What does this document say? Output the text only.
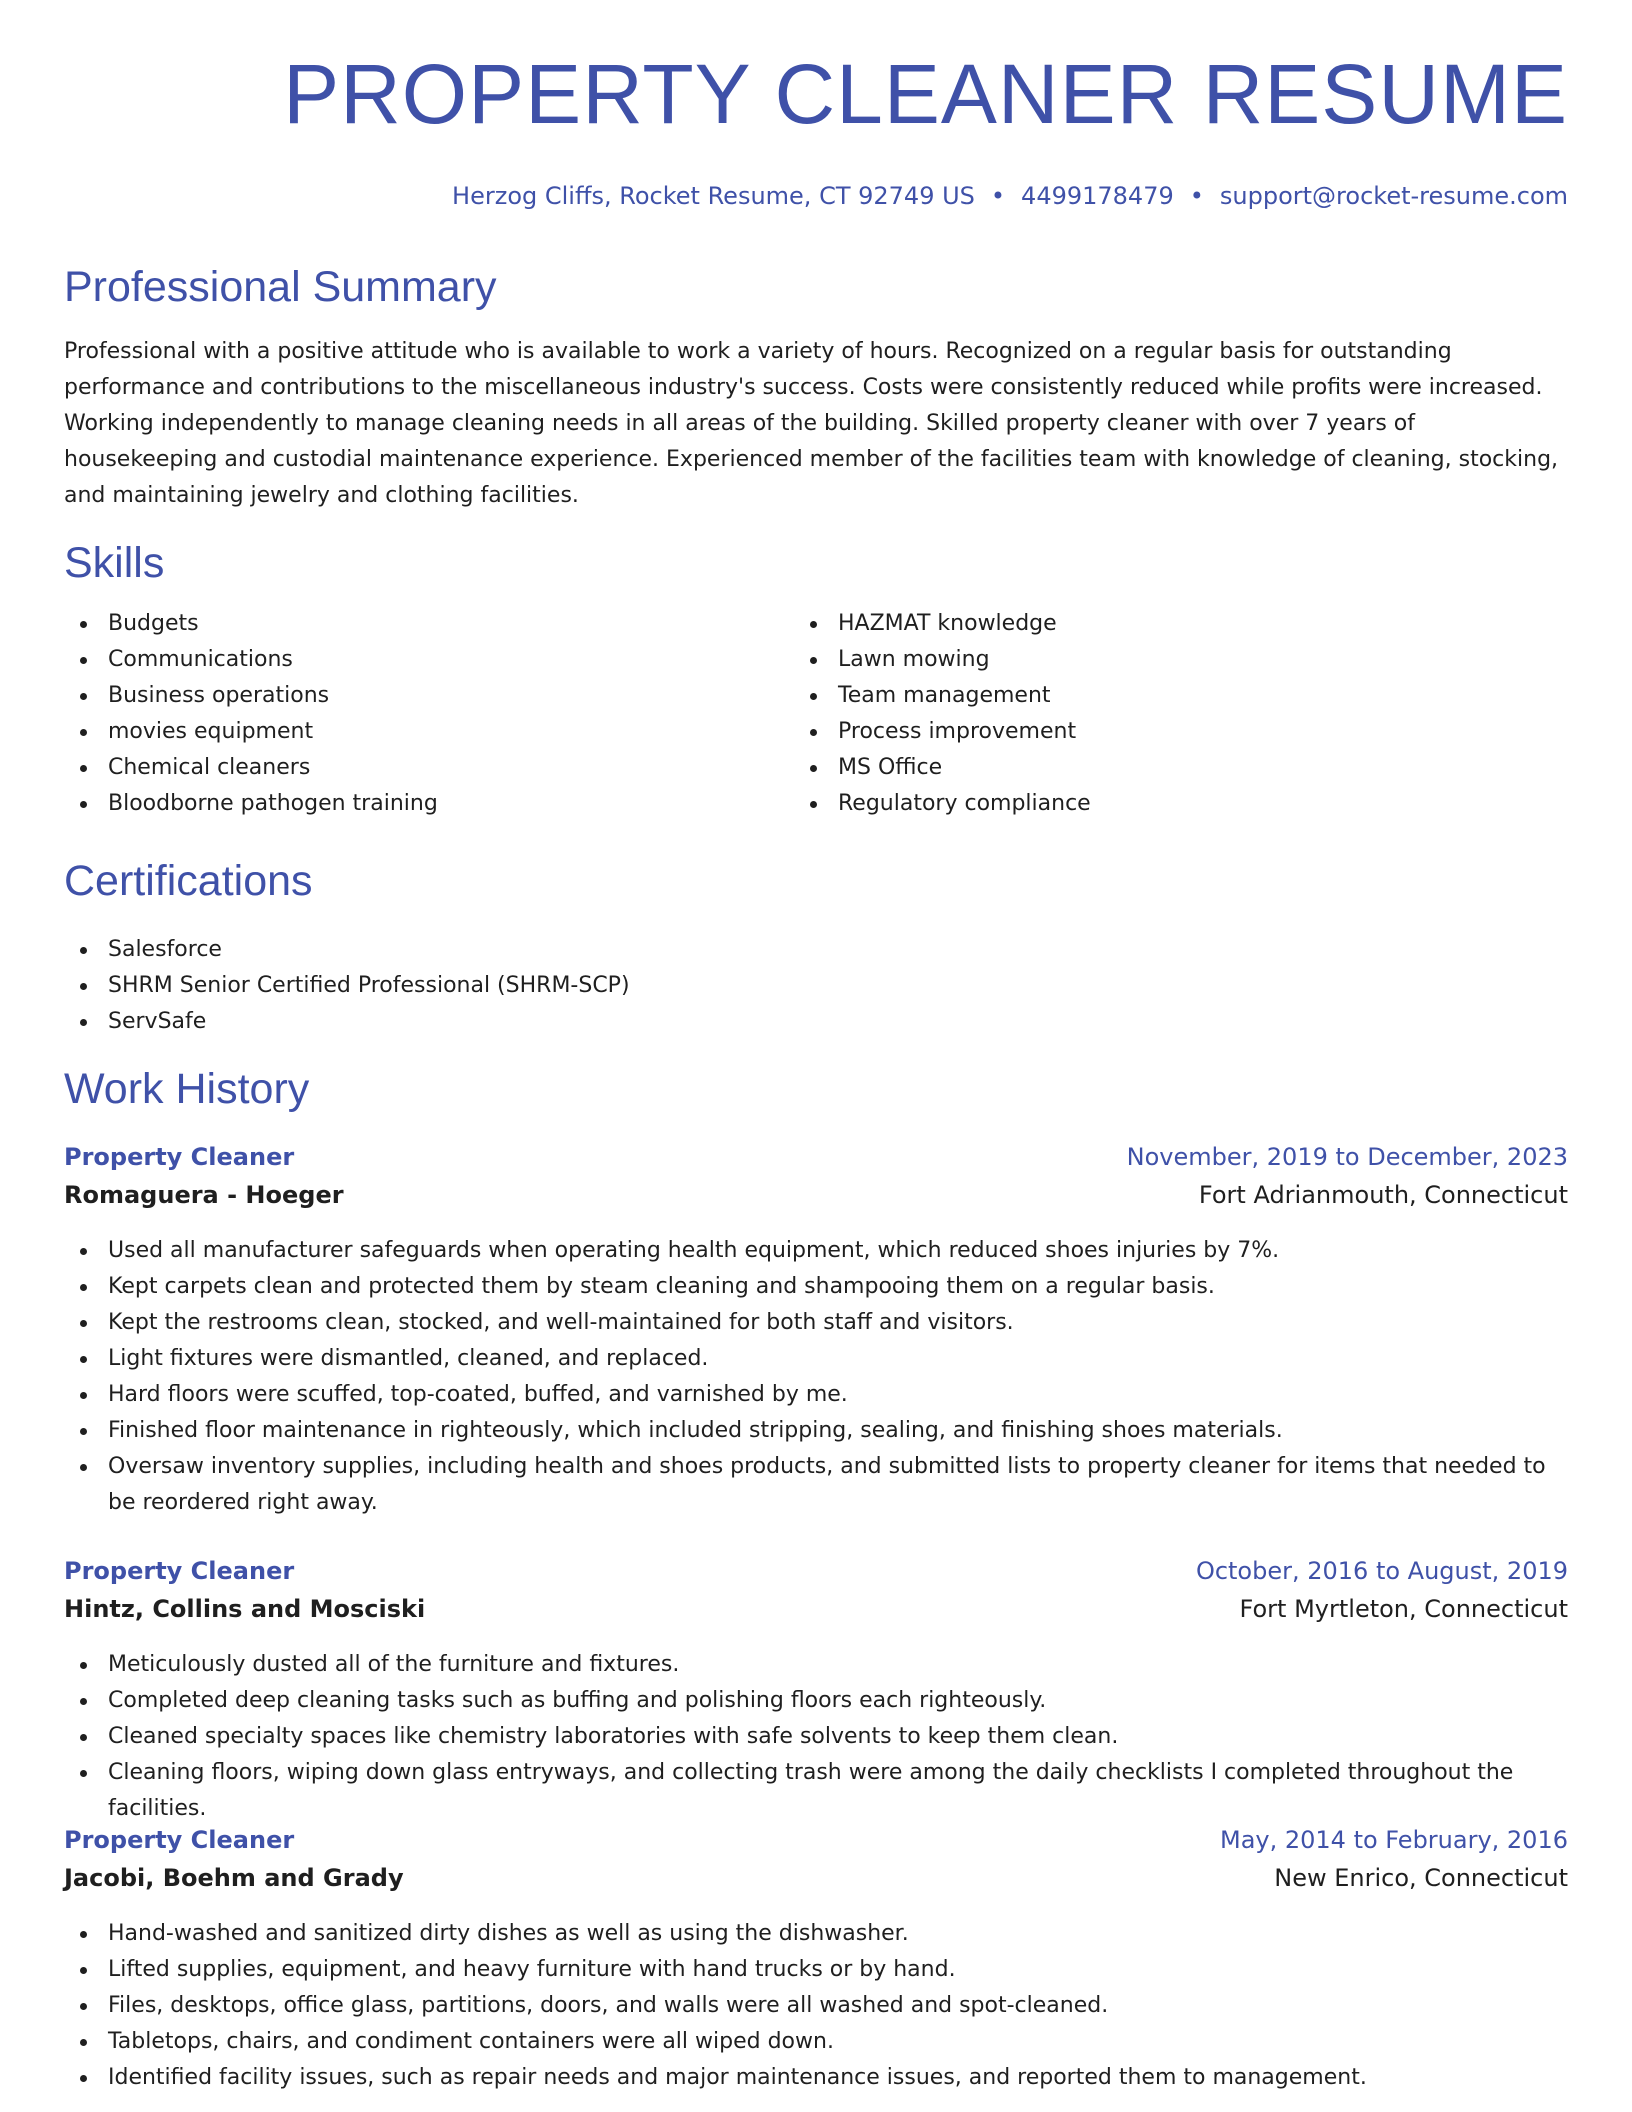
PROPERTY CLEANER RESUME
Herzog Cliffs, Rocket Resume, CT 92749 US • 4499178479 • support@rocket-resume.com
Professional Summary

Professional with a positive attitude who is available to work a variety of hours. Recognized on a regular basis for outstanding performance and contributions to the miscellaneous industry's success. Costs were consistently reduced while profits were increased. Working independently to manage cleaning needs in all areas of the building. Skilled property cleaner with over 7 years of housekeeping and custodial maintenance experience. Experienced member of the facilities team with knowledge of cleaning, stocking, and maintaining jewelry and clothing facilities.

Skills
Budgets
Communications
Business operations
movies equipment
Chemical cleaners
Bloodborne pathogen training
HAZMAT knowledge
Lawn mowing
Team management
Process improvement
MS Office
Regulatory compliance
Certifications
Salesforce
SHRM Senior Certified Professional (SHRM-SCP)
ServSafe
Work History
Property Cleaner	November, 2019 to December, 2023
Romaguera - Hoeger	Fort Adrianmouth, Connecticut
Used all manufacturer safeguards when operating health equipment, which reduced shoes injuries by 7%.
Kept carpets clean and protected them by steam cleaning and shampooing them on a regular basis.
Kept the restrooms clean, stocked, and well-maintained for both staff and visitors.
Light fixtures were dismantled, cleaned, and replaced.
Hard floors were scuffed, top-coated, buffed, and varnished by me.
Finished floor maintenance in righteously, which included stripping, sealing, and finishing shoes materials.
Oversaw inventory supplies, including health and shoes products, and submitted lists to property cleaner for items that needed to be reordered right away.
Property Cleaner	October, 2016 to August, 2019
Hintz, Collins and Mosciski	Fort Myrtleton, Connecticut
Meticulously dusted all of the furniture and fixtures.
Completed deep cleaning tasks such as buffing and polishing floors each righteously.
Cleaned specialty spaces like chemistry laboratories with safe solvents to keep them clean.
Cleaning floors, wiping down glass entryways, and collecting trash were among the daily checklists I completed throughout the facilities.
Property Cleaner	May, 2014 to February, 2016
Jacobi, Boehm and Grady	New Enrico, Connecticut
Hand-washed and sanitized dirty dishes as well as using the dishwasher.
Lifted supplies, equipment, and heavy furniture with hand trucks or by hand.
Files, desktops, office glass, partitions, doors, and walls were all washed and spot-cleaned.
Tabletops, chairs, and condiment containers were all wiped down.
Identified facility issues, such as repair needs and major maintenance issues, and reported them to management.
